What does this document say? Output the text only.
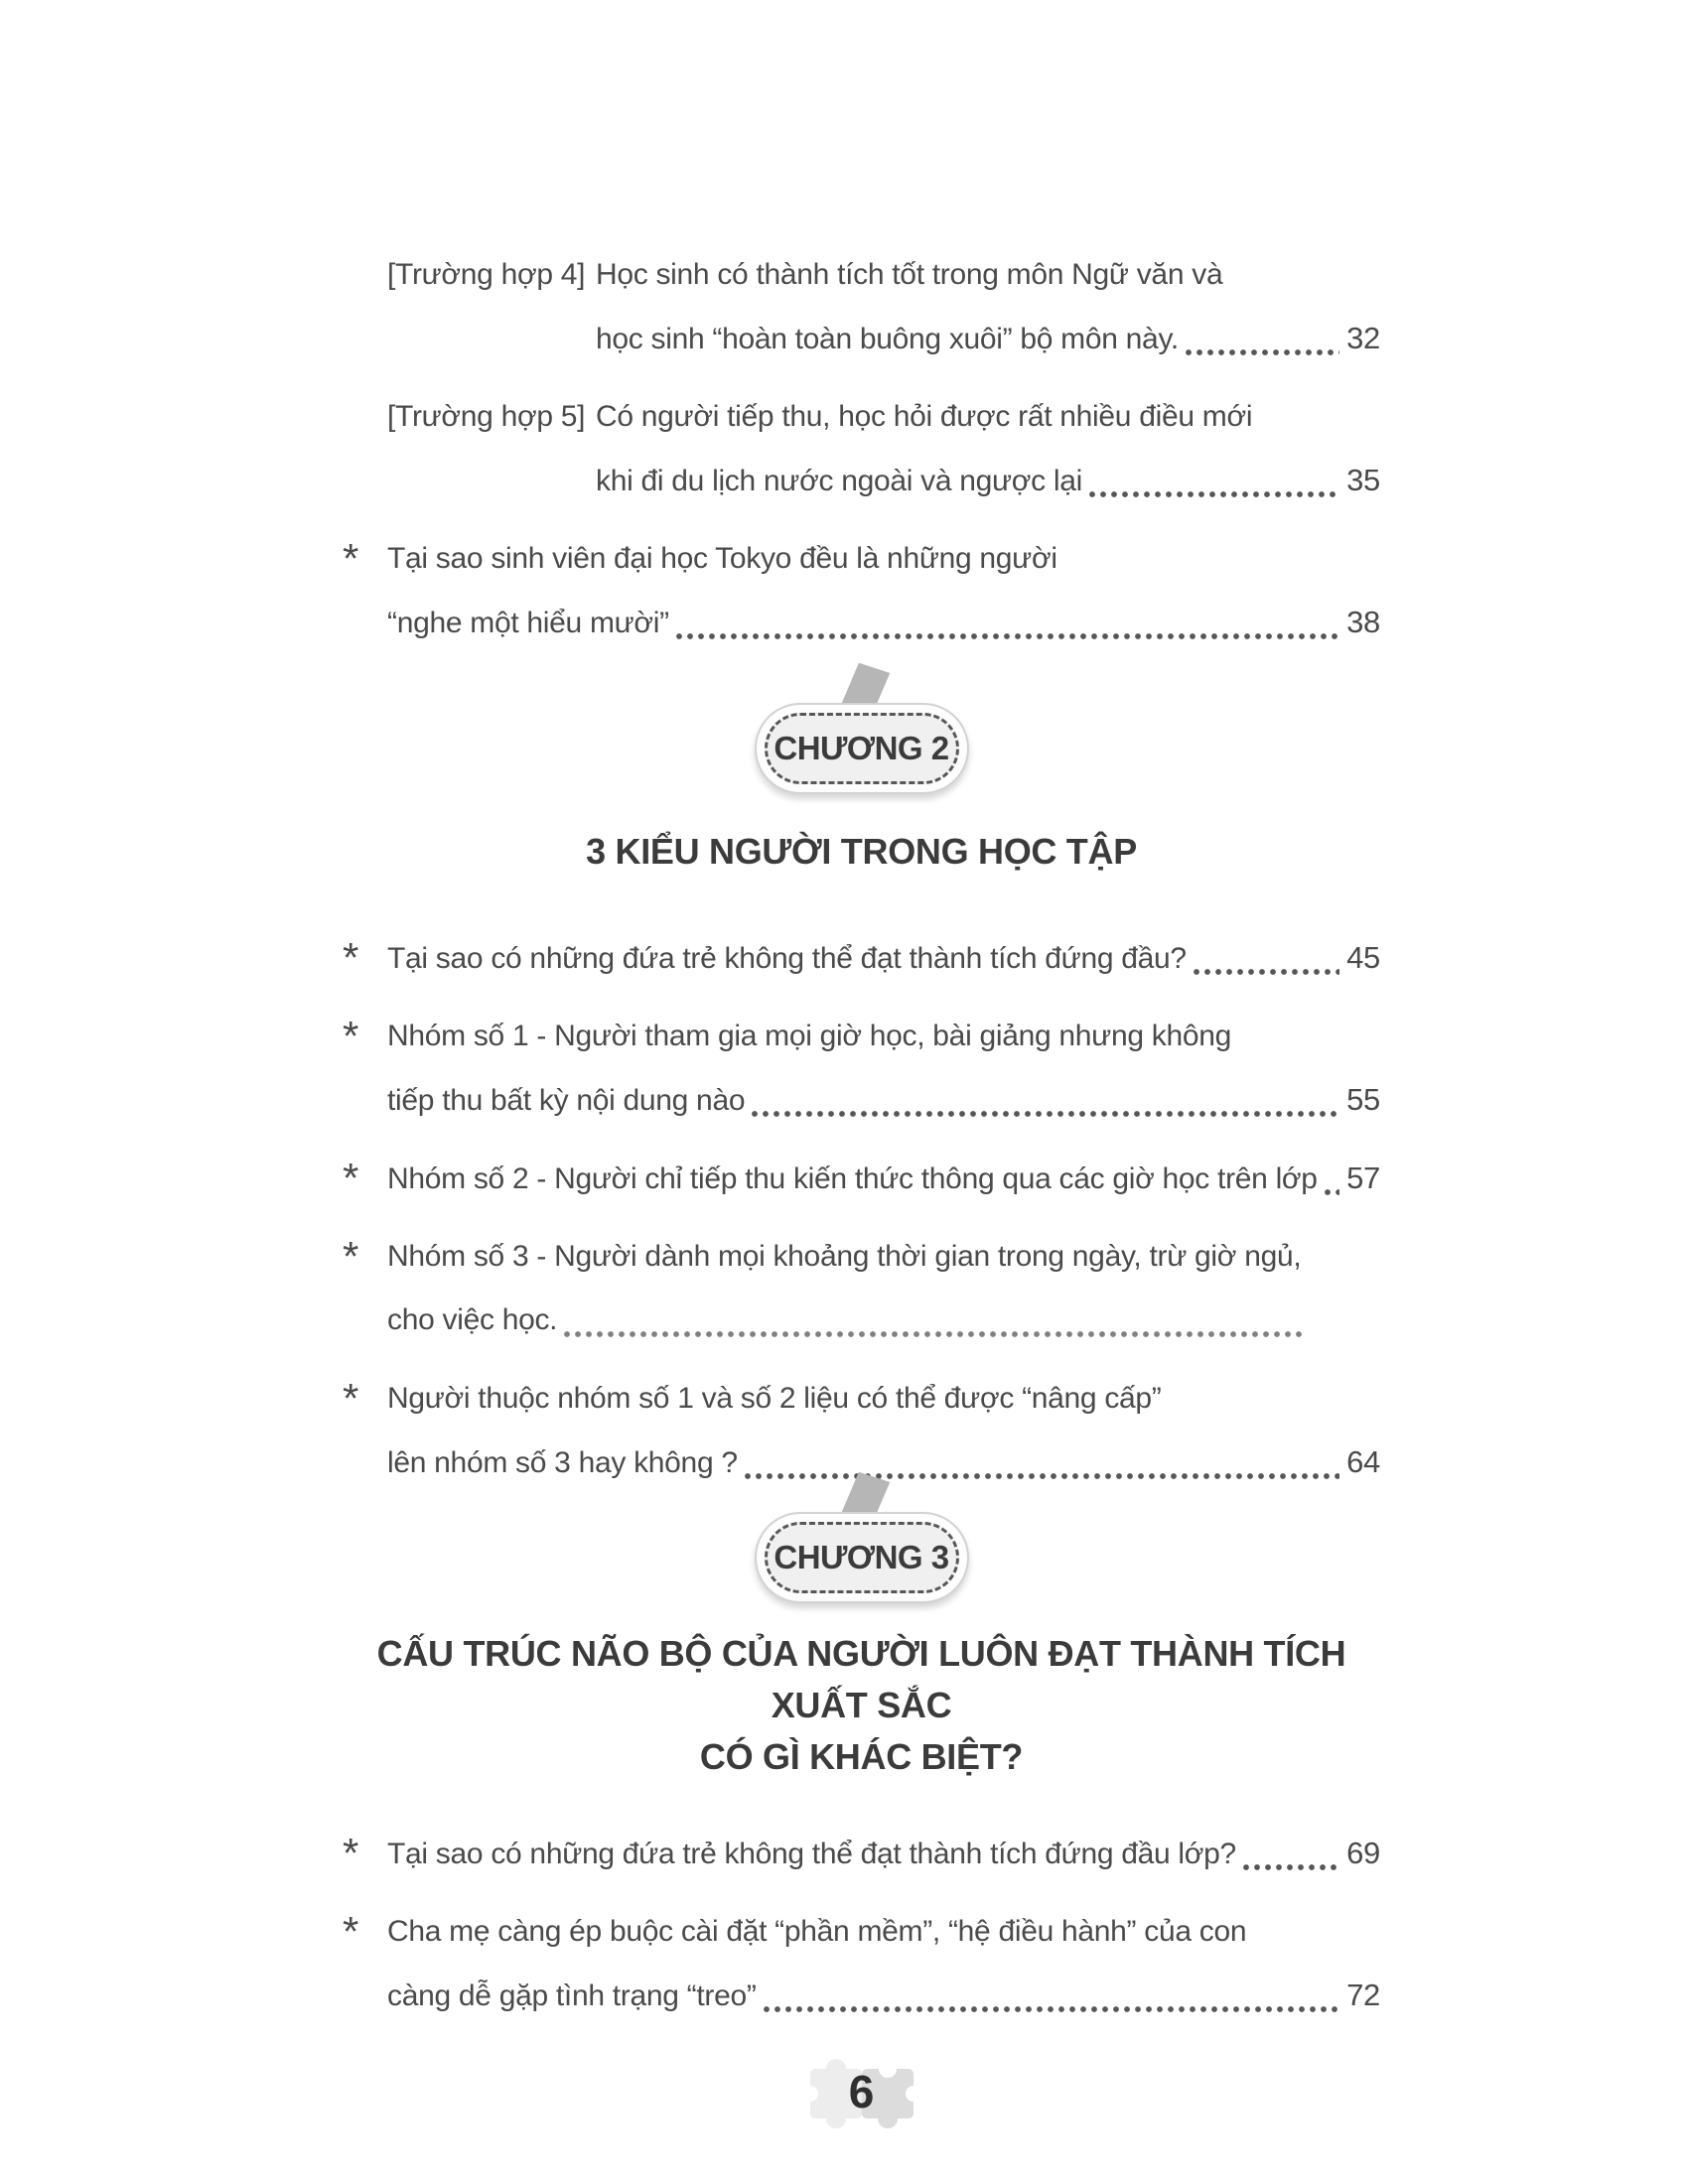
[Trường hợp 4] Học sinh có thành tích tốt trong môn Ngữ văn và
học sinh “hoàn toàn buông xuôi” bộ môn này.	32
[Trường hợp 5] Có người tiếp thu, học hỏi được rất nhiều điều mới
khi đi du lịch nước ngoài và ngược lại	35
* Tại sao sinh viên đại học Tokyo đều là những người
“nghe một hiểu mười”	38
CHƯƠNG 2
3 KIỂU NGƯỜI TRONG HỌC TẬP
* Tại sao có những đứa trẻ không thể đạt thành tích đứng đầu?	45
* Nhóm số 1 - Người tham gia mọi giờ học, bài giảng nhưng không
tiếp thu bất kỳ nội dung nào	55
* Nhóm số 2 - Người chỉ tiếp thu kiến thức thông qua các giờ học trên lớp 57
* Nhóm số 3 - Người dành mọi khoảng thời gian trong ngày, trừ giờ ngủ,
cho việc học.
* Người thuộc nhóm số 1 và số 2 liệu có thể được “nâng cấp”
lên nhóm số 3 hay không ?	64
CHƯƠNG 3
CẤU TRÚC NÃO BỘ CỦA NGƯỜI LUÔN ĐẠT THÀNH TÍCH XUẤT SẮC
CÓ GÌ KHÁC BIỆT?
* Tại sao có những đứa trẻ không thể đạt thành tích đứng đầu lớp?	69
* Cha mẹ càng ép buộc cài đặt “phần mềm”, “hệ điều hành” của con
càng dễ gặp tình trạng “treo”	72
6
